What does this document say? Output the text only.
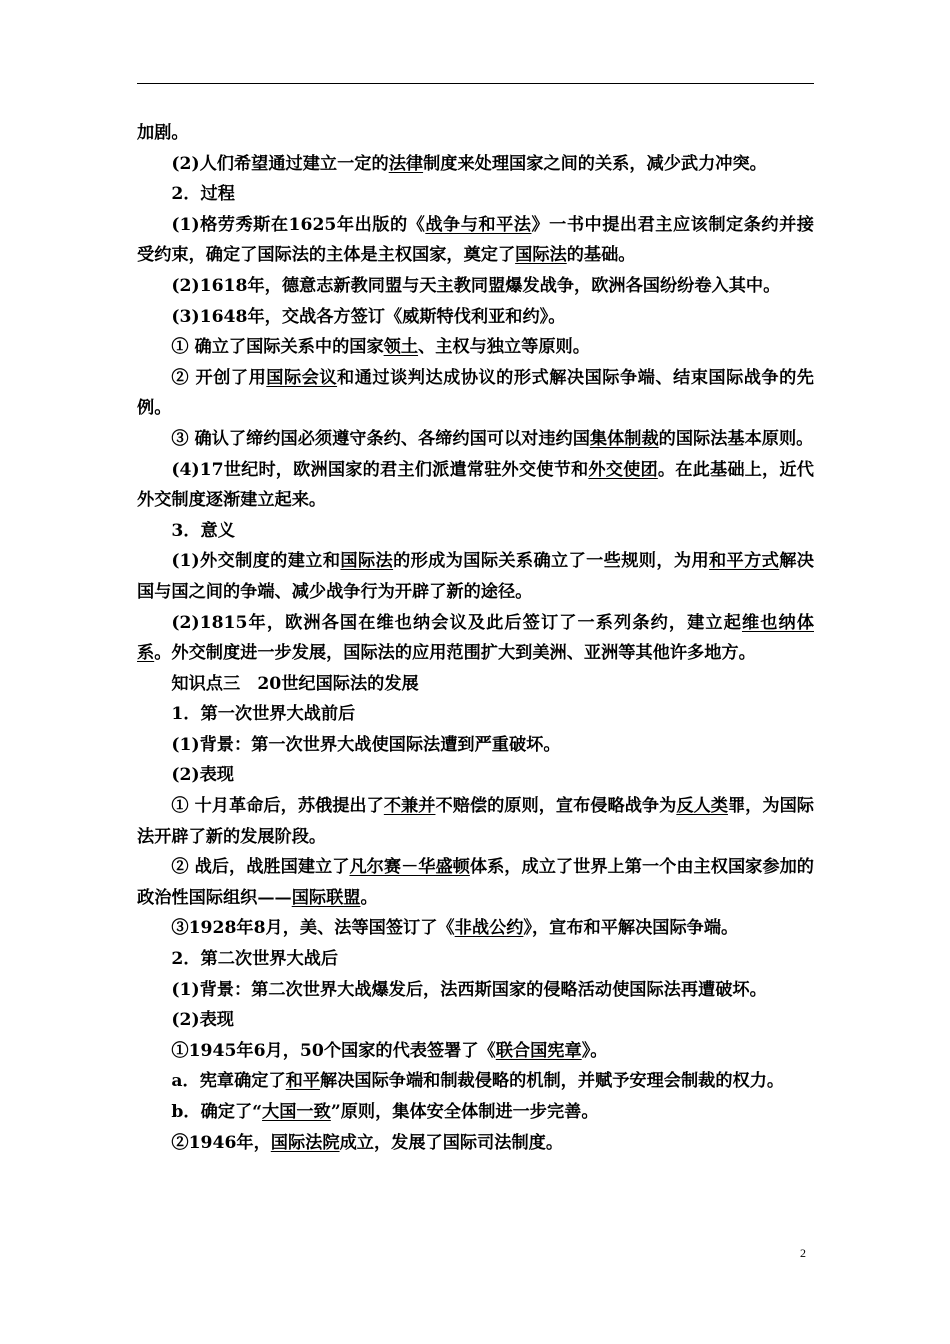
加剧。

(2)人们希望通过建立一定的法律制度来处理国家之间的关系，减少武力冲突。

2．过程

(1)格劳秀斯在1625年出版的《战争与和平法》一书中提出君主应该制定条约并接受约束，确定了国际法的主体是主权国家，奠定了国际法的基础。

(2)1618年，德意志新教同盟与天主教同盟爆发战争，欧洲各国纷纷卷入其中。

(3)1648年，交战各方签订《威斯特伐利亚和约》。

① 确立了国际关系中的国家领土、主权与独立等原则。

② 开创了用国际会议和通过谈判达成协议的形式解决国际争端、结束国际战争的先例。

③ 确认了缔约国必须遵守条约、各缔约国可以对违约国集体制裁的国际法基本原则。

(4)17世纪时，欧洲国家的君主们派遣常驻外交使节和外交使团。在此基础上，近代外交制度逐渐建立起来。

3．意义

(1)外交制度的建立和国际法的形成为国际关系确立了一些规则，为用和平方式解决国与国之间的争端、减少战争行为开辟了新的途径。

(2)1815年，欧洲各国在维也纳会议及此后签订了一系列条约，建立起维也纳体系。外交制度进一步发展，国际法的应用范围扩大到美洲、亚洲等其他许多地方。

知识点三　20世纪国际法的发展

1．第一次世界大战前后

(1)背景：第一次世界大战使国际法遭到严重破坏。

(2)表现

① 十月革命后，苏俄提出了不兼并不赔偿的原则，宣布侵略战争为反人类罪，为国际法开辟了新的发展阶段。

② 战后，战胜国建立了凡尔赛－华盛顿体系，成立了世界上第一个由主权国家参加的政治性国际组织——国际联盟。

③1928年8月，美、法等国签订了《非战公约》，宣布和平解决国际争端。

2．第二次世界大战后

(1)背景：第二次世界大战爆发后，法西斯国家的侵略活动使国际法再遭破坏。

(2)表现

①1945年6月，50个国家的代表签署了《联合国宪章》。

a．宪章确定了和平解决国际争端和制裁侵略的机制，并赋予安理会制裁的权力。

b．确定了“大国一致”原则，集体安全体制进一步完善。

②1946年，国际法院成立，发展了国际司法制度。

2
